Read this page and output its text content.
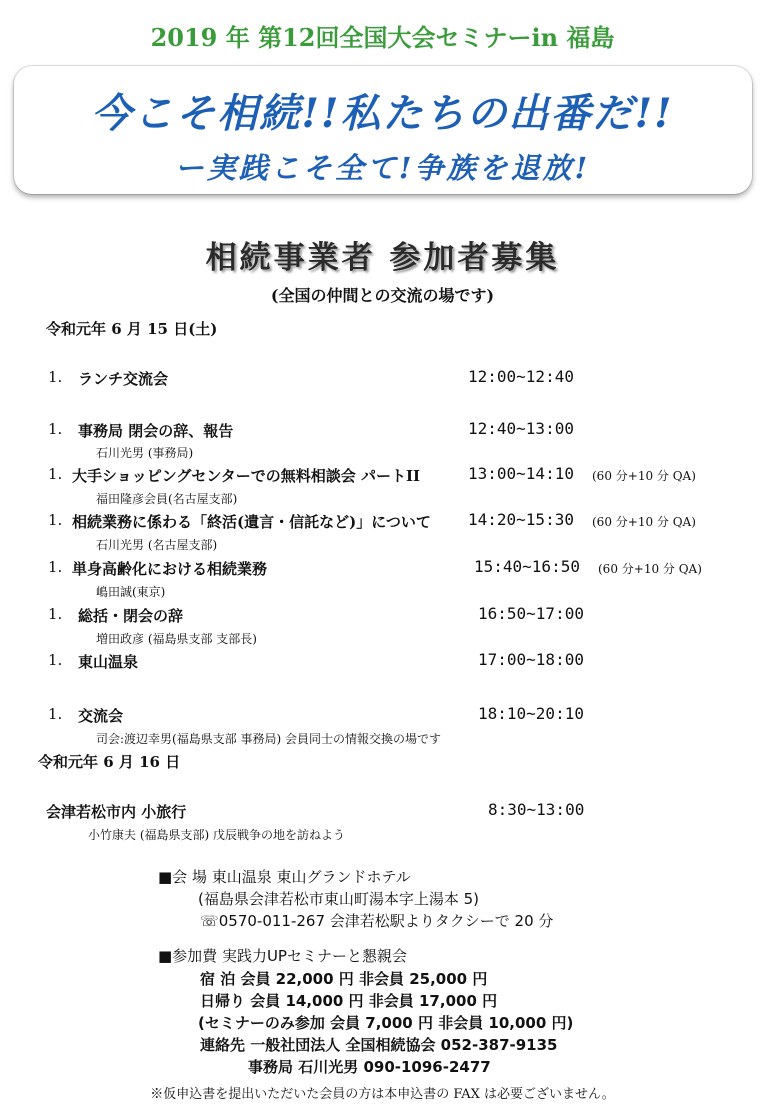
2019 年 第12回全国大会セミナーin 福島
今こそ相続!!私たちの出番だ!!
ー実践こそ全て!争族を退放!
相続事業者 参加者募集
(全国の仲間との交流の場です)
令和元年 6 月 15 日(土)
1. ランチ交流会	12:00~12:40
1. 事務局 閉会の辞、報告	12:40~13:00
石川光男 (事務局)
1. 大手ショッピングセンターでの無料相談会 パートII	13:00~14:10 (60 分+10 分 QA)
福田隆彦会員(名古屋支部)
1. 相続業務に係わる「終活(遺言・信託など)」について 14:20~15:30 (60 分+10 分 QA)
石川光男 (名古屋支部)
1. 単身高齢化における相続業務	15:40~16:50 (60 分+10 分 QA)
嶋田誠(東京)
1. 総括・閉会の辞	16:50~17:00
増田政彦 (福島県支部 支部長)
1. 東山温泉	17:00~18:00
1. 交流会	18:10~20:10
司会:渡辺幸男(福島県支部 事務局) 会員同士の情報交換の場です
令和元年 6 月 16 日
会津若松市内 小旅行	8:30~13:00
小竹康夫 (福島県支部) 戊辰戦争の地を訪ねよう
■会 場 東山温泉 東山グランドホテル
(福島県会津若松市東山町湯本字上湯本 5)
☏0570-011-267 会津若松駅よりタクシーで 20 分
■参加費 実践力UPセミナーと懇親会
宿 泊 会員 22,000 円 非会員 25,000 円
日帰り 会員 14,000 円 非会員 17,000 円
(セミナーのみ参加 会員 7,000 円 非会員 10,000 円)
連絡先 一般社団法人 全国相続協会 052-387-9135
事務局 石川光男 090-1096-2477
※仮申込書を提出いただいた会員の方は本申込書の FAX は必要ございません。
